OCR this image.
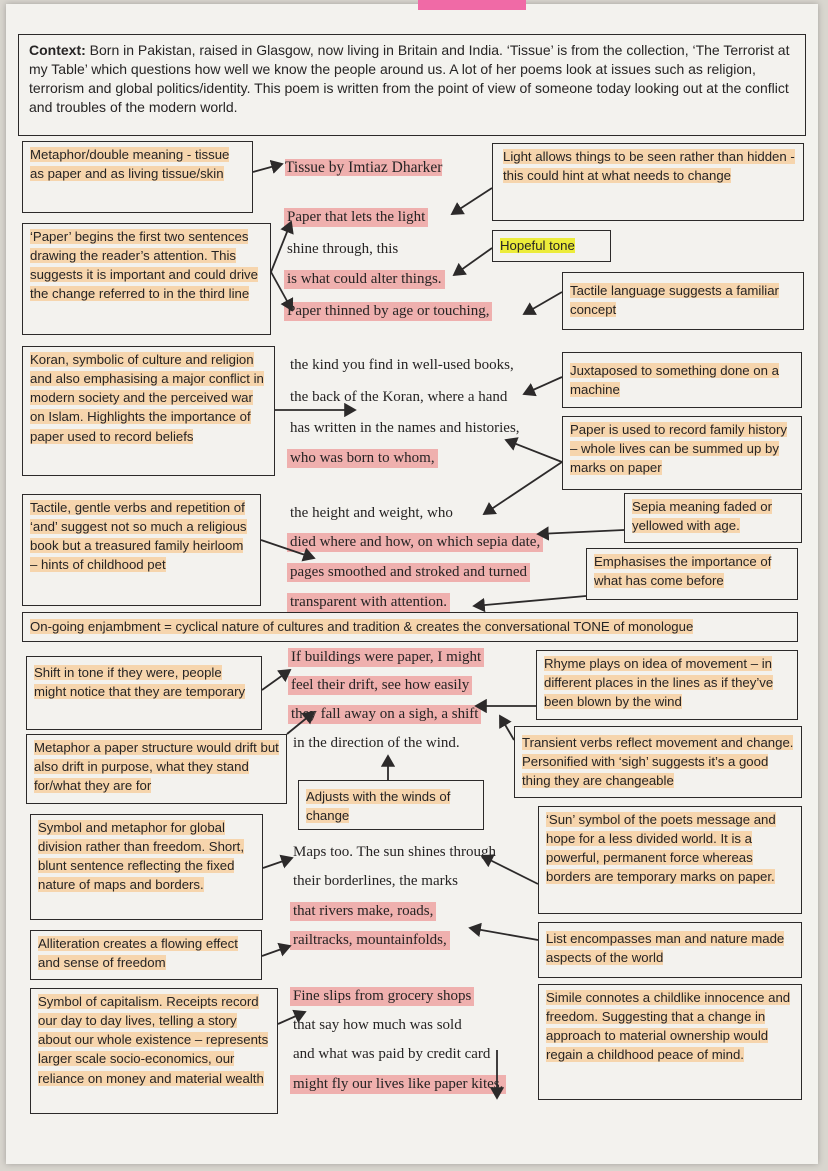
Context: Born in Pakistan, raised in Glasgow, now living in Britain and India. ‘Tissue’ is from the collection, ‘The Terrorist at my Table’ which questions how well we know the people around us. A lot of her poems look at issues such as religion, terrorism and global politics/identity. This poem is written from the point of view of someone today looking out at the conflict and troubles of the modern world.
Metaphor/double meaning - tissue as paper and as living tissue/skin
‘Paper’ begins the first two sentences drawing the reader’s attention. This suggests it is important and could drive the change referred to in the third line
Koran, symbolic of culture and religion and also emphasising a major conflict in modern society and the perceived war on Islam. Highlights the importance of paper used to record beliefs
Tactile, gentle verbs and repetition of ‘and’ suggest not so much a religious book but a treasured family heirloom – hints of childhood pet
On-going enjambment = cyclical nature of cultures and tradition & creates the conversational TONE of monologue
Shift in tone if they were, people might notice that they are temporary
Metaphor a paper structure would drift but also drift in purpose, what they stand for/what they are for
Symbol and metaphor for global division rather than freedom. Short, blunt sentence reflecting the fixed nature of maps and borders.
Alliteration creates a flowing effect and sense of freedom
Symbol of capitalism. Receipts record our day to day lives, telling a story about our whole existence – represents larger scale socio-economics, our reliance on money and material wealth
Light allows things to be seen rather than hidden - this could hint at what needs to change
Hopeful tone
Tactile language suggests a familiar concept
Juxtaposed to something done on a machine
Paper is used to record family history – whole lives can be summed up by marks on paper
Sepia meaning faded or yellowed with age.
Emphasises the importance of what has come before
Rhyme plays on idea of movement – in different places in the lines as if they’ve been blown by the wind
Transient verbs reflect movement and change. Personified with ‘sigh’ suggests it’s a good thing they are changeable
Adjusts with the winds of change	‘Sun’ symbol of the poets message and hope for a less divided world. It is a powerful, permanent force whereas borders are temporary marks on paper.
List encompasses man and nature made aspects of the world
Simile connotes a childlike innocence and freedom. Suggesting that a change in approach to material ownership would regain a childhood peace of mind.
Tissue by Imtiaz Dharker
Paper that lets the light
shine through, this
is what could alter things.
Paper thinned by age or touching,
the kind you find in well-used books,
the back of the Koran, where a hand
has written in the names and histories,
who was born to whom,
the height and weight, who
died where and how, on which sepia date,
pages smoothed and stroked and turned
transparent with attention.
If buildings were paper, I might
feel their drift, see how easily
they fall away on a sigh, a shift
in the direction of the wind.
Maps too. The sun shines through
their borderlines, the marks
that rivers make, roads,
railtracks, mountainfolds,
Fine slips from grocery shops
that say how much was sold
and what was paid by credit card
might fly our lives like paper kites.
